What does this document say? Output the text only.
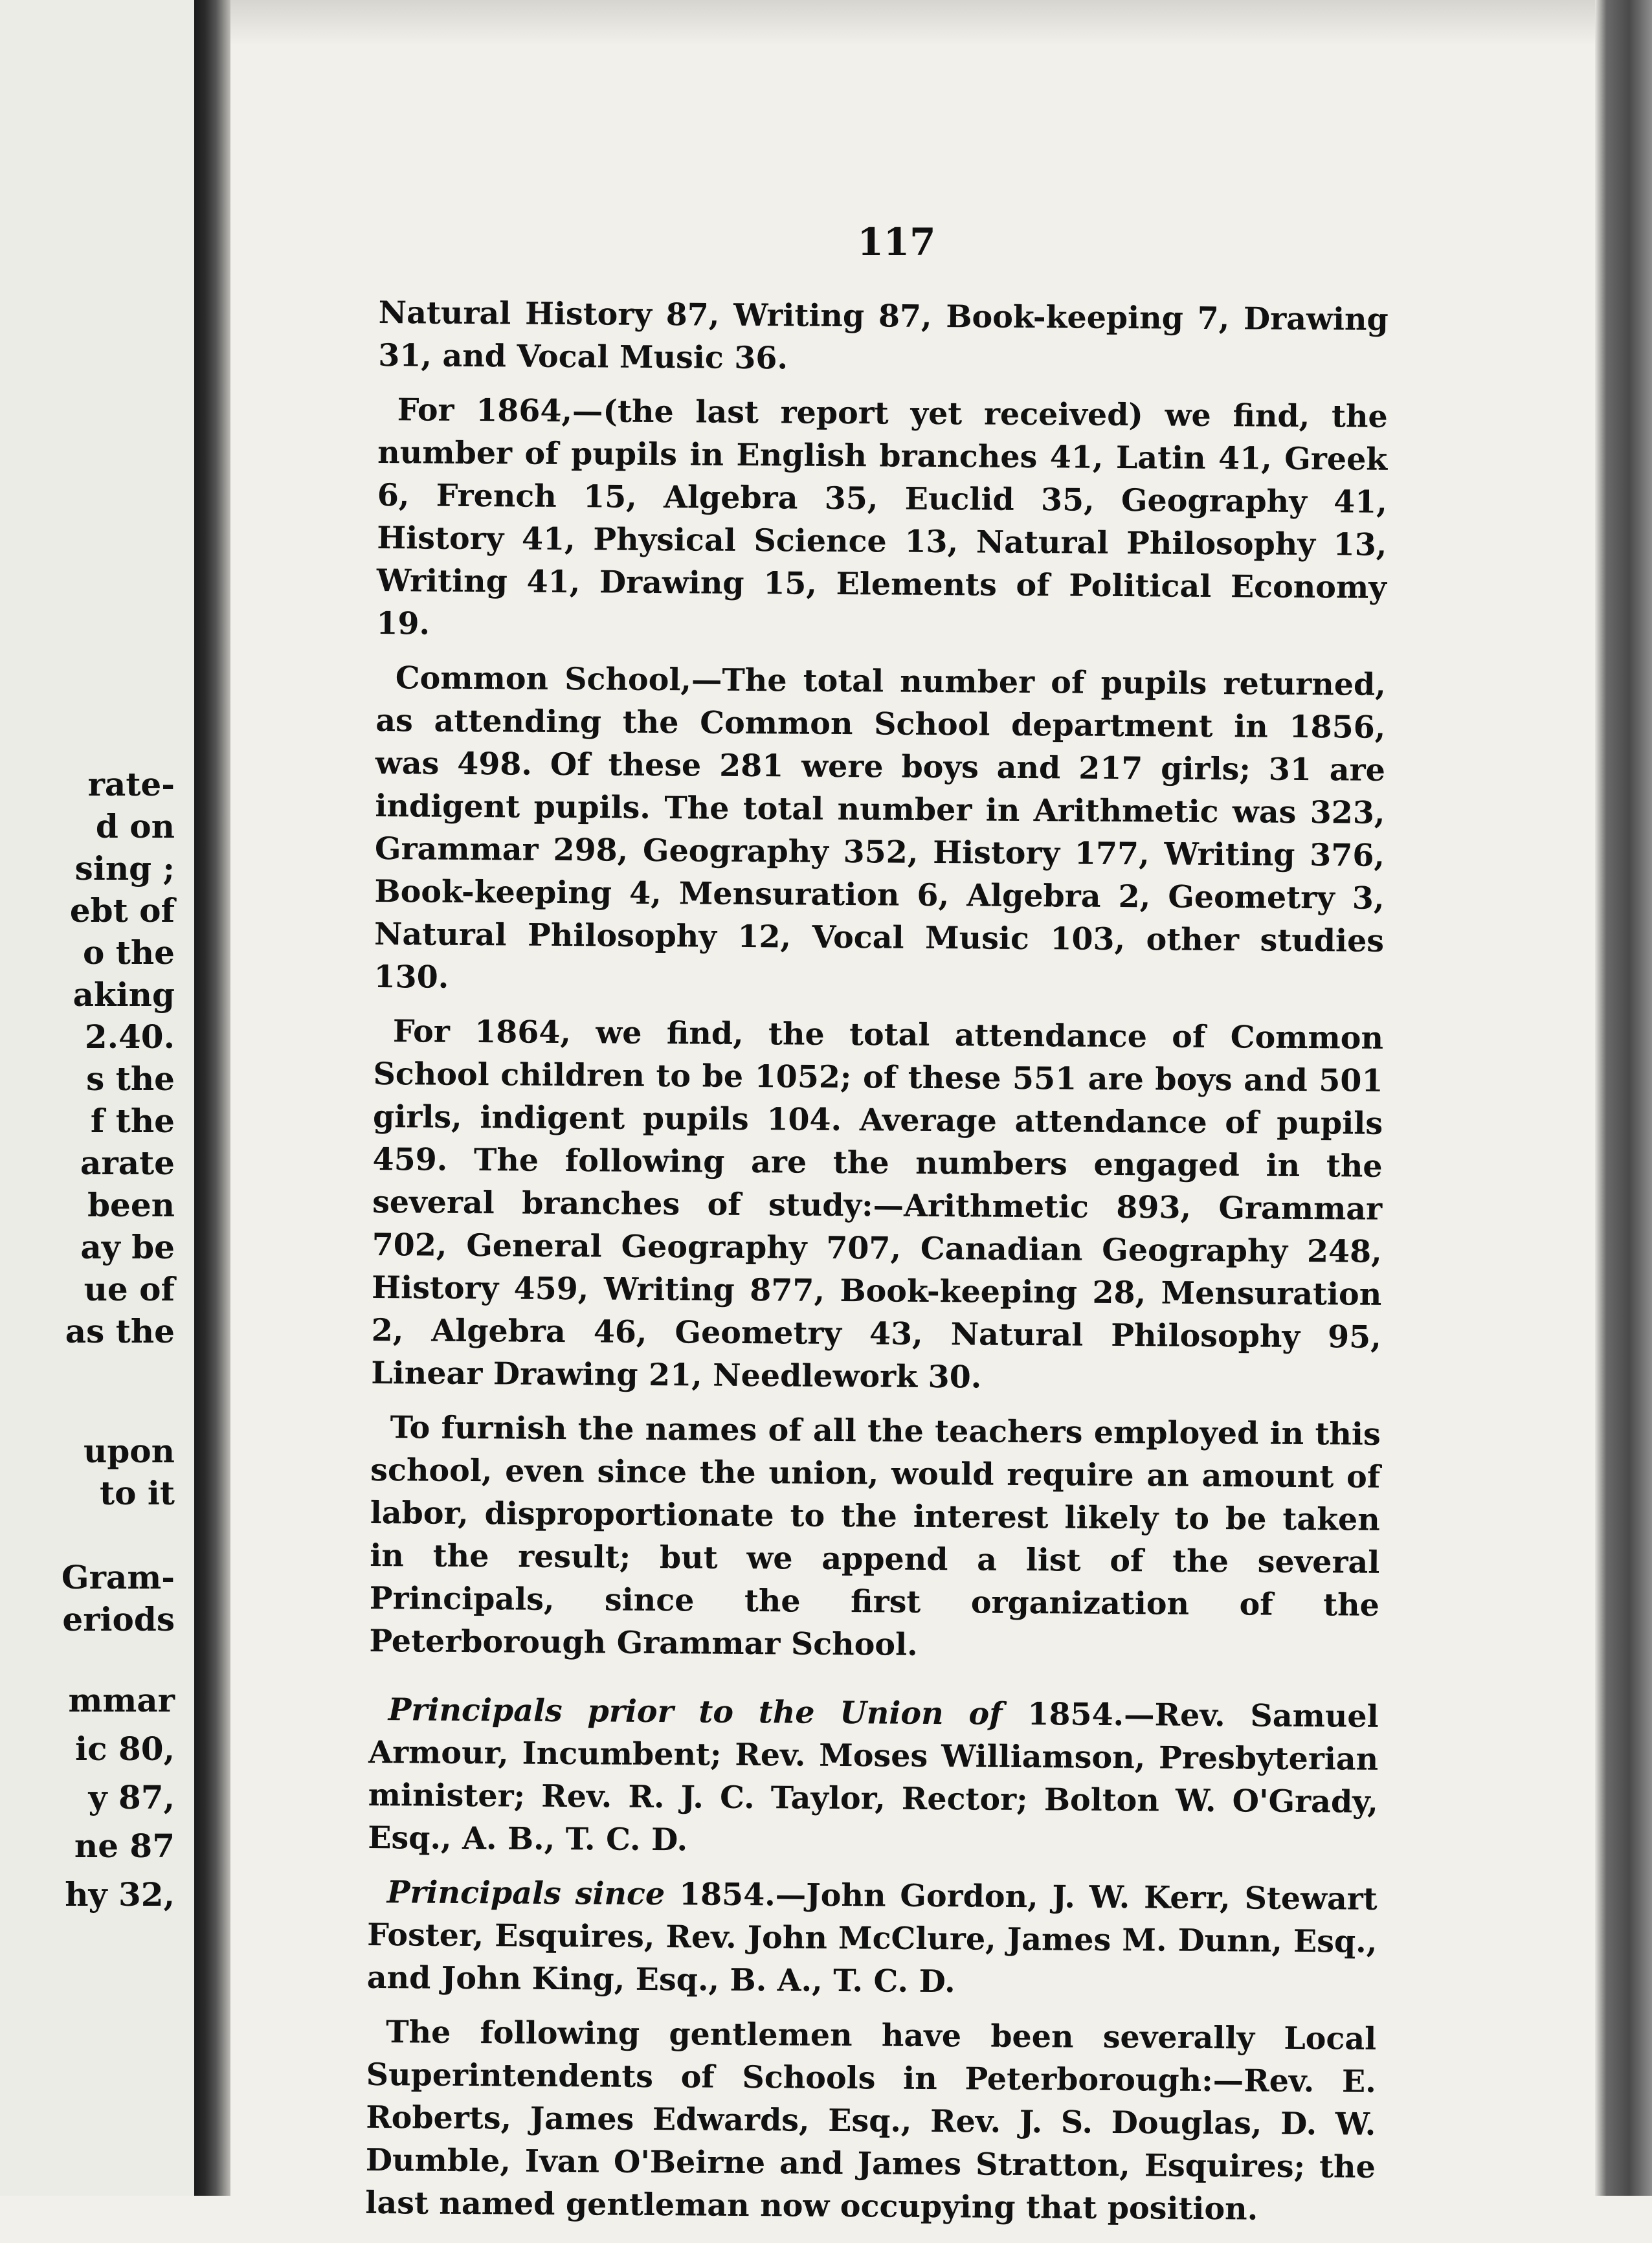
rate-
d on
sing ;
ebt of
o the
aking
2.40.
s the
f the
arate
been
ay be
ue of
as the
upon
to it
Gram-
eriods
mmar
ic 80,
y 87,
ne 87
hy 32,
117

Natural History 87, Writing 87, Book-keeping 7, Drawing 31, and Vocal Music 36.

For 1864,—(the last report yet received) we find, the number of pupils in English branches 41, Latin 41, Greek 6, French 15, Algebra 35, Euclid 35, Geography 41, History 41, Physical Science 13, Natural Philosophy 13, Writing 41, Drawing 15, Elements of Political Economy 19.

Common School,—The total number of pupils returned, as attending the Common School department in 1856, was 498. Of these 281 were boys and 217 girls; 31 are indigent pupils. The total number in Arithmetic was 323, Grammar 298, Geography 352, History 177, Writing 376, Book-keeping 4, Mensuration 6, Algebra 2, Geometry 3, Natural Philosophy 12, Vocal Music 103, other studies 130.

For 1864, we find, the total attendance of Common School children to be 1052; of these 551 are boys and 501 girls, indigent pupils 104. Average attendance of pupils 459. The following are the numbers engaged in the several branches of study:—Arithmetic 893, Grammar 702, General Geography 707, Canadian Geography 248, History 459, Writing 877, Book-keeping 28, Mensuration 2, Algebra 46, Geometry 43, Natural Philosophy 95, Linear Drawing 21, Needlework 30.

To furnish the names of all the teachers employed in this school, even since the union, would require an amount of labor, disproportionate to the interest likely to be taken in the result; but we append a list of the several Principals, since the first organization of the Peterborough Grammar School.

Principals prior to the Union of 1854.—Rev. Samuel Armour, Incumbent; Rev. Moses Williamson, Presbyterian minister; Rev. R. J. C. Taylor, Rector; Bolton W. O'Grady, Esq., A. B., T. C. D.

Principals since 1854.—John Gordon, J. W. Kerr, Stewart Foster, Esquires, Rev. John McClure, James M. Dunn, Esq., and John King, Esq., B. A., T. C. D.

The following gentlemen have been severally Local Superintendents of Schools in Peterborough:—Rev. E. Roberts, James Edwards, Esq., Rev. J. S. Douglas, D. W. Dumble, Ivan O'Beirne and James Stratton, Esquires; the last named gentleman now occupying that position.
